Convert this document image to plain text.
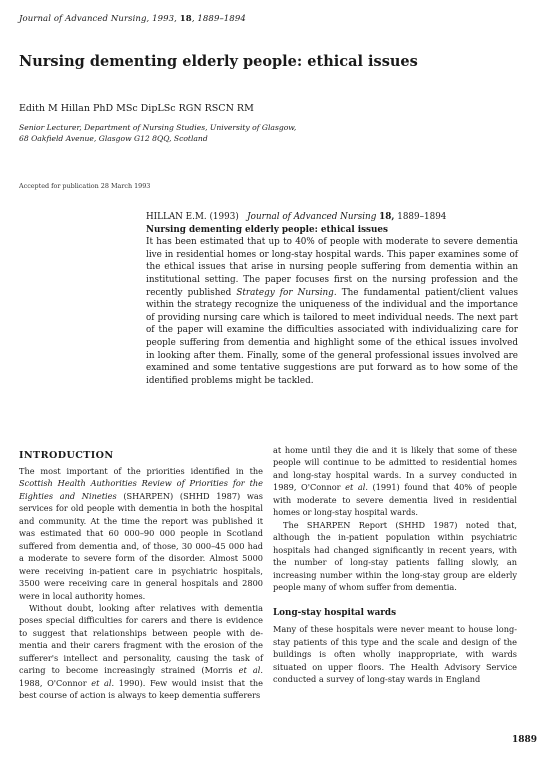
Journal of Advanced Nursing, 1993, 18, 1889–1894
Nursing dementing elderly people: ethical issues
Edith M Hillan PhD MSc DipLSc RGN RSCN RM
Senior Lecturer, Department of Nursing Studies, University of Glasgow,
68 Oakfield Avenue, Glasgow G12 8QQ, Scotland
Accepted for publication 28 March 1993
HILLAN E.M. (1993) Journal of Advanced Nursing 18, 1889–1894
Nursing dementing elderly people: ethical issues

It has been estimated that up to 40% of people with moderate to severe dementia live in residential homes or long-stay hospital wards. This paper examines some of the ethical issues that arise in nursing people suffering from dementia within an institutional setting. The paper focuses first on the nursing profession and the recently published Strategy for Nursing. The fundamental patient/client values within the strategy recognize the uniqueness of the individual and the importance of providing nursing care which is tailored to meet individual needs. The next part of the paper will examine the difficulties associated with individualizing care for people suffering from dementia and highlight some of the ethical issues involved in looking after them. Finally, some of the general professional issues involved are examined and some tentative suggestions are put forward as to how some of the identified problems might be tackled.

INTRODUCTION

The most important of the priorities identified in the Scottish Health Authorities Review of Priorities for the Eighties and Nineties (SHARPEN) (SHHD 1987) was services for old people with dementia in both the hospital and community. At the time the report was published it was estimated that 60 000–90 000 people in Scotland suffered from dementia and, of those, 30 000–45 000 had a moderate to severe form of the disorder. Almost 5000 were receiving in-patient care in psychiatric hospitals, 3500 were receiving care in general hospitals and 2800 were in local authority homes.

Without doubt, looking after relatives with dementia poses special difficulties for carers and there is evidence to suggest that relationships between people with de-mentia and their carers fragment with the erosion of the sufferer's intellect and personality, causing the task of caring to become increasingly strained (Morris et al. 1988, O'Connor et al. 1990). Few would insist that the best course of action is always to keep dementia sufferers

at home until they die and it is likely that some of these people will continue to be admitted to residential homes and long-stay hospital wards. In a survey conducted in 1989, O'Connor et al. (1991) found that 40% of people with moderate to severe dementia lived in residential homes or long-stay hospital wards.

The SHARPEN Report (SHHD 1987) noted that, although the in-patient population within psychiatric hospitals had changed significantly in recent years, with the number of long-stay patients falling slowly, an increasing number within the long-stay group are elderly people many of whom suffer from dementia.

Long-stay hospital wards

Many of these hospitals were never meant to house long-stay patients of this type and the scale and design of the buildings is often wholly inappropriate, with wards situated on upper floors. The Health Advisory Service conducted a survey of long-stay wards in England

1889
